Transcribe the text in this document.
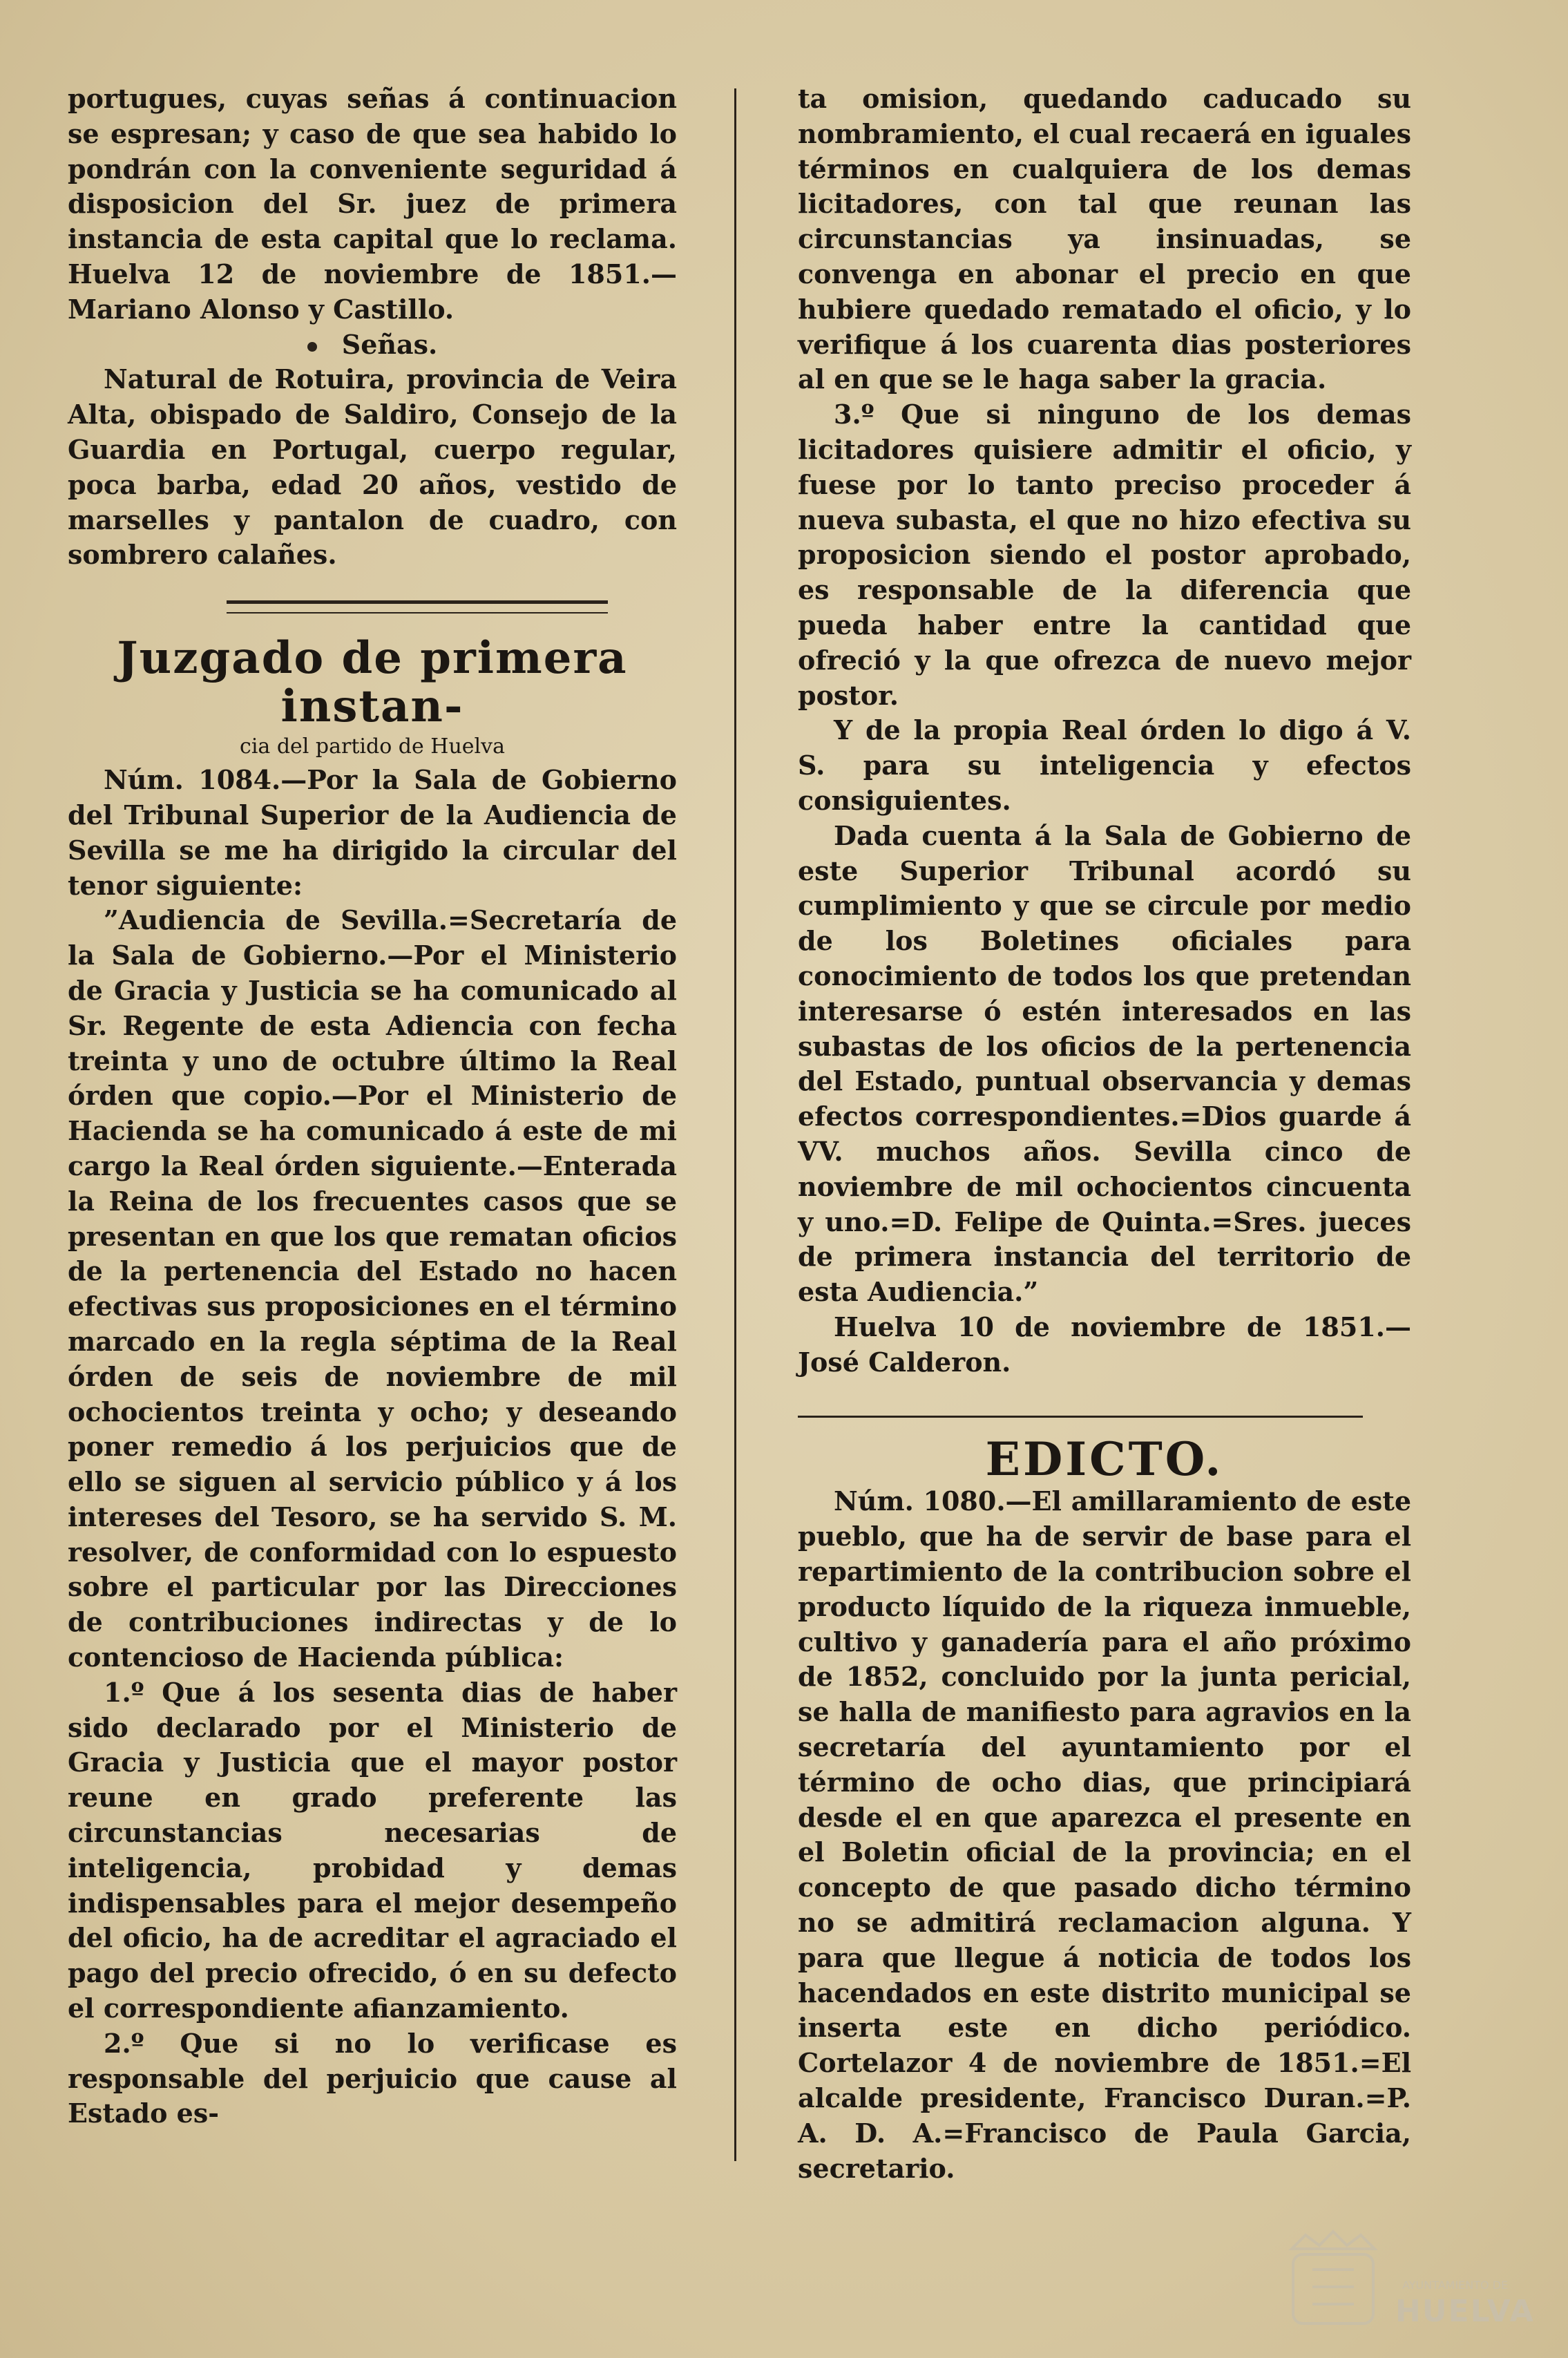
portugues, cuyas señas á continuacion se espresan; y caso de que sea habido lo pondrán con la conveniente seguridad á disposicion del Sr. juez de primera instancia de esta capital que lo reclama. Huelva 12 de noviembre de 1851.—Mariano Alonso y Castillo.

Señas.

Natural de Rotuira, provincia de Veira Alta, obispado de Saldiro, Consejo de la Guardia en Portugal, cuerpo regular, poca barba, edad 20 años, vestido de marselles y pantalon de cuadro, con sombrero calañes.

Juzgado de primera instan-

cia del partido de Huelva

Núm. 1084.—Por la Sala de Gobierno del Tribunal Superior de la Audiencia de Sevilla se me ha dirigido la circular del tenor siguiente:

”Audiencia de Sevilla.=Secretaría de la Sala de Gobierno.—Por el Ministerio de Gracia y Justicia se ha comunicado al Sr. Regente de esta Adiencia con fecha treinta y uno de octubre último la Real órden que copio.—Por el Ministerio de Hacienda se ha comunicado á este de mi cargo la Real órden siguiente.—Enterada la Reina de los frecuentes casos que se presentan en que los que rematan oficios de la pertenencia del Estado no hacen efectivas sus proposiciones en el término marcado en la regla séptima de la Real órden de seis de noviembre de mil ochocientos treinta y ocho; y deseando poner remedio á los perjuicios que de ello se siguen al servicio público y á los intereses del Tesoro, se ha servido S. M. resolver, de conformidad con lo espuesto sobre el particular por las Direcciones de contribuciones indirectas y de lo contencioso de Hacienda pública:

1.º Que á los sesenta dias de haber sido declarado por el Ministerio de Gracia y Justicia que el mayor postor reune en grado preferente las circunstancias necesarias de inteligencia, probidad y demas indispensables para el mejor desempeño del oficio, ha de acreditar el agraciado el pago del precio ofrecido, ó en su defecto el correspondiente afianzamiento.

2.º Que si no lo verificase es responsable del perjuicio que cause al Estado es-

ta omision, quedando caducado su nombramiento, el cual recaerá en iguales términos en cualquiera de los demas licitadores, con tal que reunan las circunstancias ya insinuadas, se convenga en abonar el precio en que hubiere quedado rematado el oficio, y lo verifique á los cuarenta dias posteriores al en que se le haga saber la gracia.

3.º Que si ninguno de los demas licitadores quisiere admitir el oficio, y fuese por lo tanto preciso proceder á nueva subasta, el que no hizo efectiva su proposicion siendo el postor aprobado, es responsable de la diferencia que pueda haber entre la cantidad que ofreció y la que ofrezca de nuevo mejor postor.

Y de la propia Real órden lo digo á V. S. para su inteligencia y efectos consiguientes.

Dada cuenta á la Sala de Gobierno de este Superior Tribunal acordó su cumplimiento y que se circule por medio de los Boletines oficiales para conocimiento de todos los que pretendan interesarse ó estén interesados en las subastas de los oficios de la pertenencia del Estado, puntual observancia y demas efectos correspondientes.=Dios guarde á VV. muchos años. Sevilla cinco de noviembre de mil ochocientos cincuenta y uno.=D. Felipe de Quinta.=Sres. jueces de primera instancia del territorio de esta Audiencia.”

Huelva 10 de noviembre de 1851.—José Calderon.

EDICTO.

Núm. 1080.—El amillaramiento de este pueblo, que ha de servir de base para el repartimiento de la contribucion sobre el producto líquido de la riqueza inmueble, cultivo y ganadería para el año próximo de 1852, concluido por la junta pericial, se halla de manifiesto para agravios en la secretaría del ayuntamiento por el término de ocho dias, que principiará desde el en que aparezca el presente en el Boletin oficial de la provincia; en el concepto de que pasado dicho término no se admitirá reclamacion alguna. Y para que llegue á noticia de todos los hacendados en este distrito municipal se inserta este en dicho periódico. Cortelazor 4 de noviembre de 1851.=El alcalde presidente, Francisco Duran.=P. A. D. A.=Francisco de Paula Garcia, secretario.

AYUNTAMIENTO DE
HUELVA
